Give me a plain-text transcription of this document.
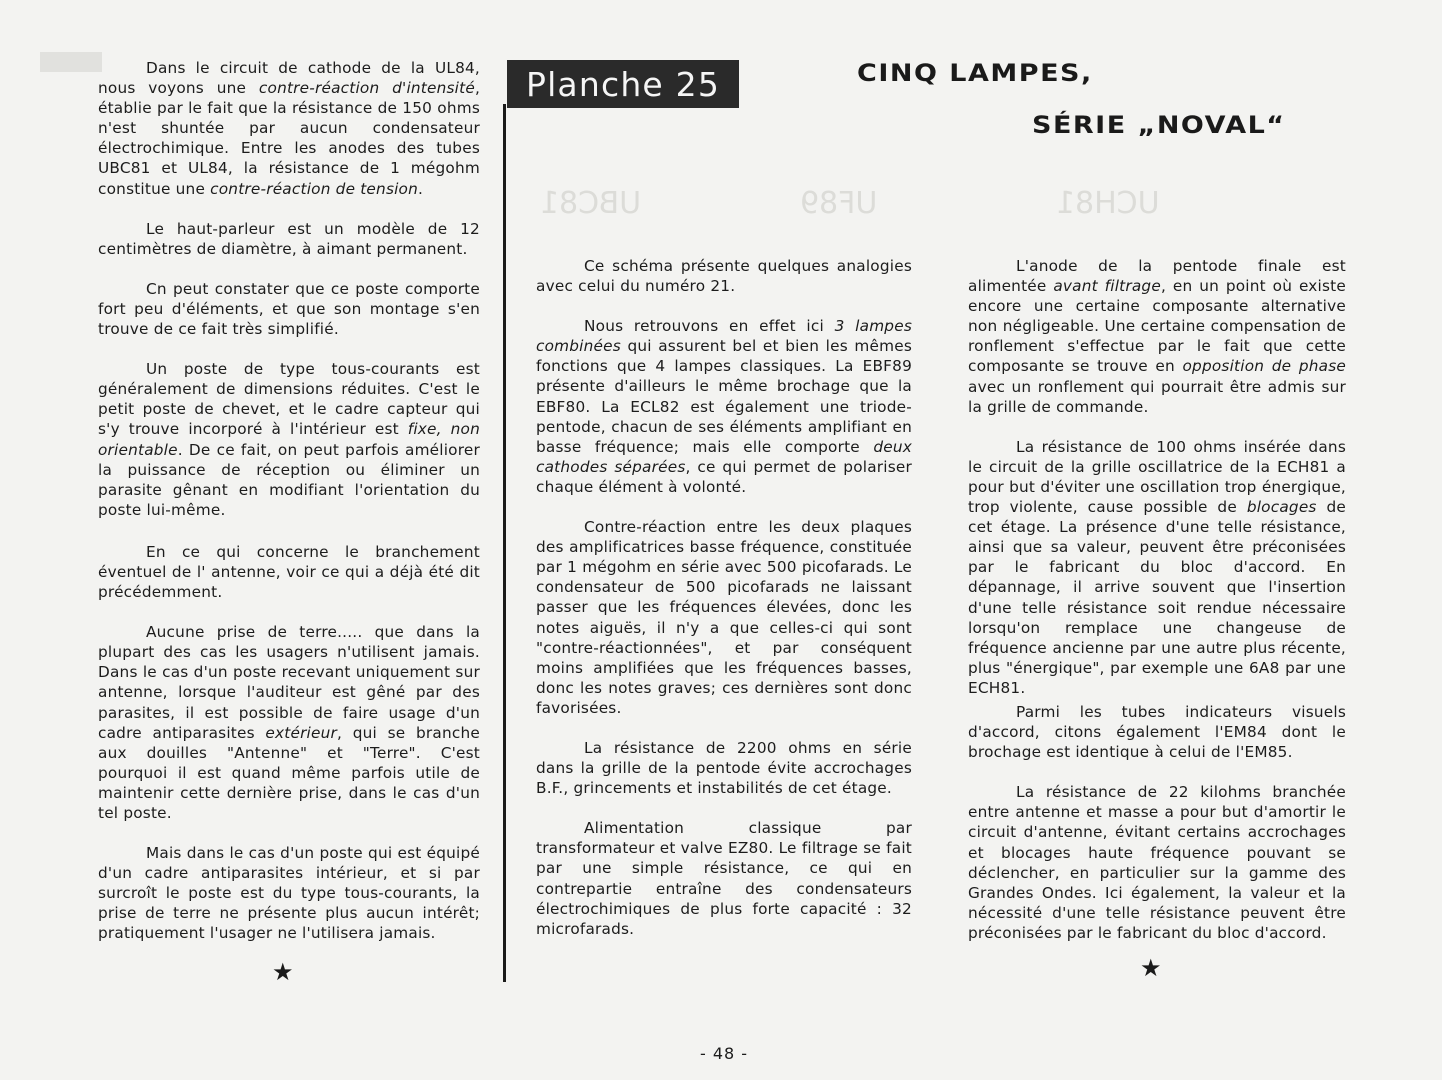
UBC81	UF89	UCH81
Planche 25	CINQ LAMPES,
SÉRIE „NOVAL“

Dans le circuit de cathode de la UL84, nous voyons une contre-réaction d'intensité, établie par le fait que la résistance de 150 ohms n'est shuntée par aucun condensateur électrochimique. Entre les anodes des tubes UBC81 et UL84, la résistance de 1 mégohm constitue une contre-réaction de tension.

Le haut-parleur est un modèle de 12 centimètres de diamètre, à aimant permanent.

Cn peut constater que ce poste comporte fort peu d'éléments, et que son montage s'en trouve de ce fait très simplifié.

Un poste de type tous-courants est généralement de dimensions réduites. C'est le petit poste de chevet, et le cadre capteur qui s'y trouve incorporé à l'intérieur est fixe, non orientable. De ce fait, on peut parfois améliorer la puissance de réception ou éliminer un parasite gênant en modifiant l'orientation du poste lui-même.

En ce qui concerne le branchement éventuel de l' antenne, voir ce qui a déjà été dit précédemment.

Aucune prise de terre..... que dans la plupart des cas les usagers n'utilisent jamais. Dans le cas d'un poste recevant uniquement sur antenne, lorsque l'auditeur est gêné par des parasites, il est possible de faire usage d'un cadre antiparasites extérieur, qui se branche aux douilles "Antenne" et "Terre". C'est pourquoi il est quand même parfois utile de maintenir cette dernière prise, dans le cas d'un tel poste.

Mais dans le cas d'un poste qui est équipé d'un cadre antiparasites intérieur, et si par surcroît le poste est du type tous-courants, la prise de terre ne présente plus aucun intérêt; pratiquement l'usager ne l'utilisera jamais.

★

Ce schéma présente quelques analogies avec celui du numéro 21.

Nous retrouvons en effet ici 3 lampes combinées qui assurent bel et bien les mêmes fonctions que 4 lampes classiques. La EBF89 présente d'ailleurs le même brochage que la EBF80. La ECL82 est également une triode-pentode, chacun de ses éléments amplifiant en basse fréquence; mais elle comporte deux cathodes séparées, ce qui permet de polariser chaque élément à volonté.

Contre-réaction entre les deux plaques des amplificatrices basse fréquence, constituée par 1 mégohm en série avec 500 picofarads. Le condensateur de 500 picofarads ne laissant passer que les fréquences élevées, donc les notes aiguës, il n'y a que celles-ci qui sont "contre-réactionnées", et par conséquent moins amplifiées que les fréquences basses, donc les notes graves; ces dernières sont donc favorisées.

La résistance de 2200 ohms en série dans la grille de la pentode évite accrochages B.F., grincements et instabilités de cet étage.

Alimentation classique par transformateur et valve EZ80. Le filtrage se fait par une simple résistance, ce qui en contrepartie entraîne des condensateurs électrochimiques de plus forte capacité : 32 microfarads.

L'anode de la pentode finale est alimentée avant filtrage, en un point où existe encore une certaine composante alternative non négligeable. Une certaine compensation de ronflement s'effectue par le fait que cette composante se trouve en opposition de phase avec un ronflement qui pourrait être admis sur la grille de commande.

La résistance de 100 ohms insérée dans le circuit de la grille oscillatrice de la ECH81 a pour but d'éviter une oscillation trop énergique, trop violente, cause possible de blocages de cet étage. La présence d'une telle résistance, ainsi que sa valeur, peuvent être préconisées par le fabricant du bloc d'accord. En dépannage, il arrive souvent que l'insertion d'une telle résistance soit rendue nécessaire lorsqu'on remplace une changeuse de fréquence ancienne par une autre plus récente, plus "énergique", par exemple une 6A8 par une ECH81.

Parmi les tubes indicateurs visuels d'accord, citons également l'EM84 dont le brochage est identique à celui de l'EM85.

La résistance de 22 kilohms branchée entre antenne et masse a pour but d'amortir le circuit d'antenne, évitant certains accrochages et blocages haute fréquence pouvant se déclencher, en particulier sur la gamme des Grandes Ondes. Ici également, la valeur et la nécessité d'une telle résistance peuvent être préconisées par le fabricant du bloc d'accord.

★
- 48 -
